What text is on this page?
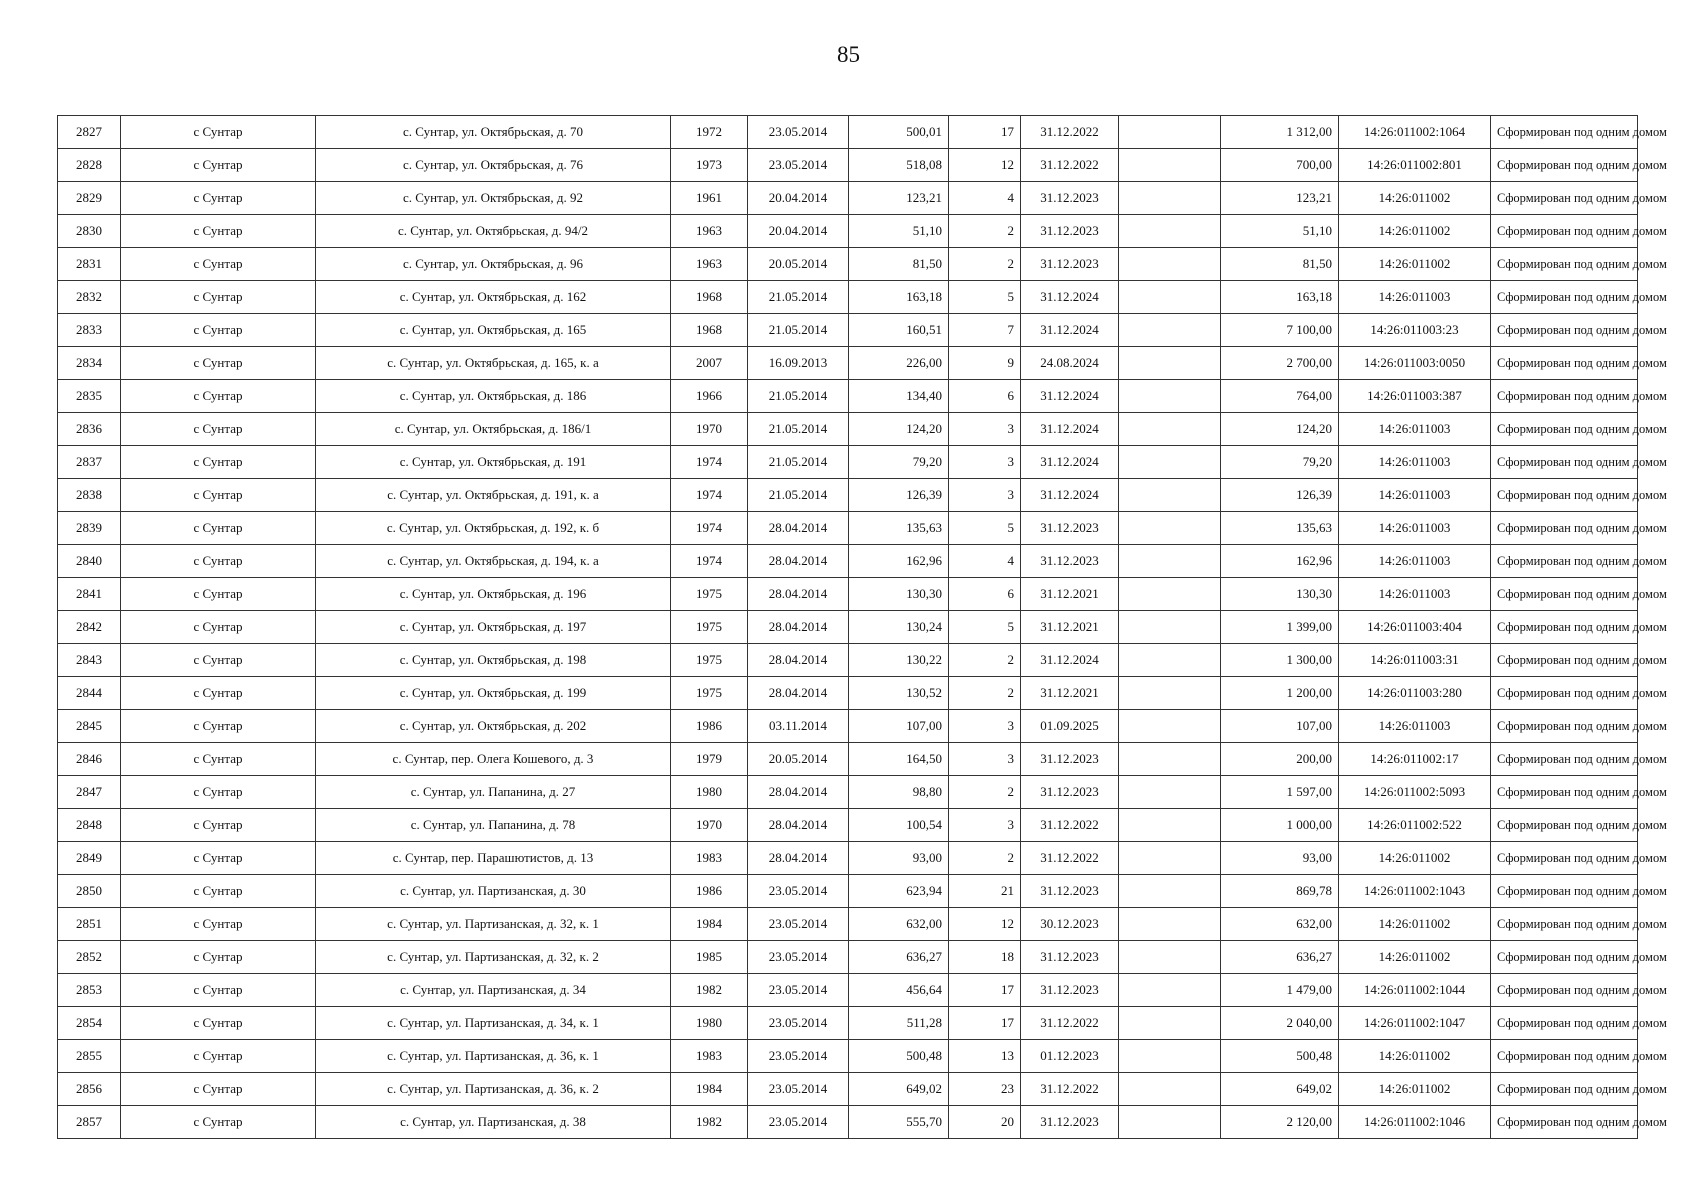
85
2827	с Сунтар	с. Сунтар, ул. Октябрьская, д. 70	1972	23.05.2014	500,01	17	31.12.2022		1 312,00	14:26:011002:1064	Сформирован под одним домом
2828	с Сунтар	с. Сунтар, ул. Октябрьская, д. 76	1973	23.05.2014	518,08	12	31.12.2022		700,00	14:26:011002:801	Сформирован под одним домом
2829	с Сунтар	с. Сунтар, ул. Октябрьская, д. 92	1961	20.04.2014	123,21	4	31.12.2023		123,21	14:26:011002	Сформирован под одним домом
2830	с Сунтар	с. Сунтар, ул. Октябрьская, д. 94/2	1963	20.04.2014	51,10	2	31.12.2023		51,10	14:26:011002	Сформирован под одним домом
2831	с Сунтар	с. Сунтар, ул. Октябрьская, д. 96	1963	20.05.2014	81,50	2	31.12.2023		81,50	14:26:011002	Сформирован под одним домом
2832	с Сунтар	с. Сунтар, ул. Октябрьская, д. 162	1968	21.05.2014	163,18	5	31.12.2024		163,18	14:26:011003	Сформирован под одним домом
2833	с Сунтар	с. Сунтар, ул. Октябрьская, д. 165	1968	21.05.2014	160,51	7	31.12.2024		7 100,00	14:26:011003:23	Сформирован под одним домом
2834	с Сунтар	с. Сунтар, ул. Октябрьская, д. 165, к. а	2007	16.09.2013	226,00	9	24.08.2024		2 700,00	14:26:011003:0050	Сформирован под одним домом
2835	с Сунтар	с. Сунтар, ул. Октябрьская, д. 186	1966	21.05.2014	134,40	6	31.12.2024		764,00	14:26:011003:387	Сформирован под одним домом
2836	с Сунтар	с. Сунтар, ул. Октябрьская, д. 186/1	1970	21.05.2014	124,20	3	31.12.2024		124,20	14:26:011003	Сформирован под одним домом
2837	с Сунтар	с. Сунтар, ул. Октябрьская, д. 191	1974	21.05.2014	79,20	3	31.12.2024		79,20	14:26:011003	Сформирован под одним домом
2838	с Сунтар	с. Сунтар, ул. Октябрьская, д. 191, к. а	1974	21.05.2014	126,39	3	31.12.2024		126,39	14:26:011003	Сформирован под одним домом
2839	с Сунтар	с. Сунтар, ул. Октябрьская, д. 192, к. б	1974	28.04.2014	135,63	5	31.12.2023		135,63	14:26:011003	Сформирован под одним домом
2840	с Сунтар	с. Сунтар, ул. Октябрьская, д. 194, к. а	1974	28.04.2014	162,96	4	31.12.2023		162,96	14:26:011003	Сформирован под одним домом
2841	с Сунтар	с. Сунтар, ул. Октябрьская, д. 196	1975	28.04.2014	130,30	6	31.12.2021		130,30	14:26:011003	Сформирован под одним домом
2842	с Сунтар	с. Сунтар, ул. Октябрьская, д. 197	1975	28.04.2014	130,24	5	31.12.2021		1 399,00	14:26:011003:404	Сформирован под одним домом
2843	с Сунтар	с. Сунтар, ул. Октябрьская, д. 198	1975	28.04.2014	130,22	2	31.12.2024		1 300,00	14:26:011003:31	Сформирован под одним домом
2844	с Сунтар	с. Сунтар, ул. Октябрьская, д. 199	1975	28.04.2014	130,52	2	31.12.2021		1 200,00	14:26:011003:280	Сформирован под одним домом
2845	с Сунтар	с. Сунтар, ул. Октябрьская, д. 202	1986	03.11.2014	107,00	3	01.09.2025		107,00	14:26:011003	Сформирован под одним домом
2846	с Сунтар	с. Сунтар, пер. Олега Кошевого, д. 3	1979	20.05.2014	164,50	3	31.12.2023		200,00	14:26:011002:17	Сформирован под одним домом
2847	с Сунтар	с. Сунтар, ул. Папанина, д. 27	1980	28.04.2014	98,80	2	31.12.2023		1 597,00	14:26:011002:5093	Сформирован под одним домом
2848	с Сунтар	с. Сунтар, ул. Папанина, д. 78	1970	28.04.2014	100,54	3	31.12.2022		1 000,00	14:26:011002:522	Сформирован под одним домом
2849	с Сунтар	с. Сунтар, пер. Парашютистов, д. 13	1983	28.04.2014	93,00	2	31.12.2022		93,00	14:26:011002	Сформирован под одним домом
2850	с Сунтар	с. Сунтар, ул. Партизанская, д. 30	1986	23.05.2014	623,94	21	31.12.2023		869,78	14:26:011002:1043	Сформирован под одним домом
2851	с Сунтар	с. Сунтар, ул. Партизанская, д. 32, к. 1	1984	23.05.2014	632,00	12	30.12.2023		632,00	14:26:011002	Сформирован под одним домом
2852	с Сунтар	с. Сунтар, ул. Партизанская, д. 32, к. 2	1985	23.05.2014	636,27	18	31.12.2023		636,27	14:26:011002	Сформирован под одним домом
2853	с Сунтар	с. Сунтар, ул. Партизанская, д. 34	1982	23.05.2014	456,64	17	31.12.2023		1 479,00	14:26:011002:1044	Сформирован под одним домом
2854	с Сунтар	с. Сунтар, ул. Партизанская, д. 34, к. 1	1980	23.05.2014	511,28	17	31.12.2022		2 040,00	14:26:011002:1047	Сформирован под одним домом
2855	с Сунтар	с. Сунтар, ул. Партизанская, д. 36, к. 1	1983	23.05.2014	500,48	13	01.12.2023		500,48	14:26:011002	Сформирован под одним домом
2856	с Сунтар	с. Сунтар, ул. Партизанская, д. 36, к. 2	1984	23.05.2014	649,02	23	31.12.2022		649,02	14:26:011002	Сформирован под одним домом
2857	с Сунтар	с. Сунтар, ул. Партизанская, д. 38	1982	23.05.2014	555,70	20	31.12.2023		2 120,00	14:26:011002:1046	Сформирован под одним домом
